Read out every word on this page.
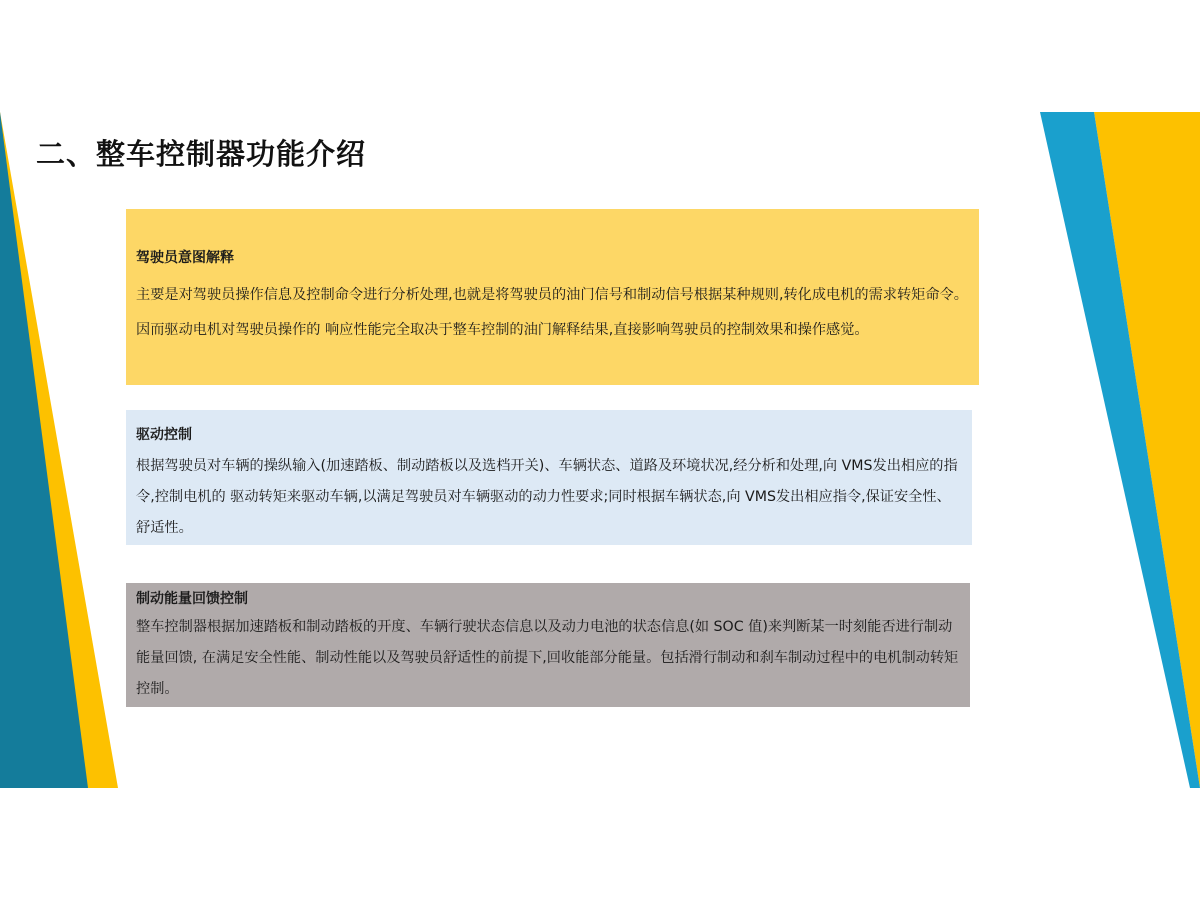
二、整车控制器功能介绍

驾驶员意图解释

主要是对驾驶员操作信息及控制命令进行分析处理,也就是将驾驶员的油门信号和制动信号根据某种规则,转化成电机的需求转矩命令。因而驱动电机对驾驶员操作的 响应性能完全取决于整车控制的油门解释结果,直接影响驾驶员的控制效果和操作感觉。

驱动控制

根据驾驶员对车辆的操纵输入(加速踏板、制动踏板以及选档开关)、车辆状态、道路及环境状况,经分析和处理,向 VMS发出相应的指令,控制电机的 驱动转矩来驱动车辆,以满足驾驶员对车辆驱动的动力性要求;同时根据车辆状态,向 VMS发出相应指令,保证安全性、舒适性。

制动能量回馈控制

整车控制器根据加速踏板和制动踏板的开度、车辆行驶状态信息以及动力电池的状态信息(如 SOC 值)来判断某一时刻能否进行制动能量回馈, 在满足安全性能、制动性能以及驾驶员舒适性的前提下,回收能部分能量。包括滑行制动和刹车制动过程中的电机制动转矩控制。
